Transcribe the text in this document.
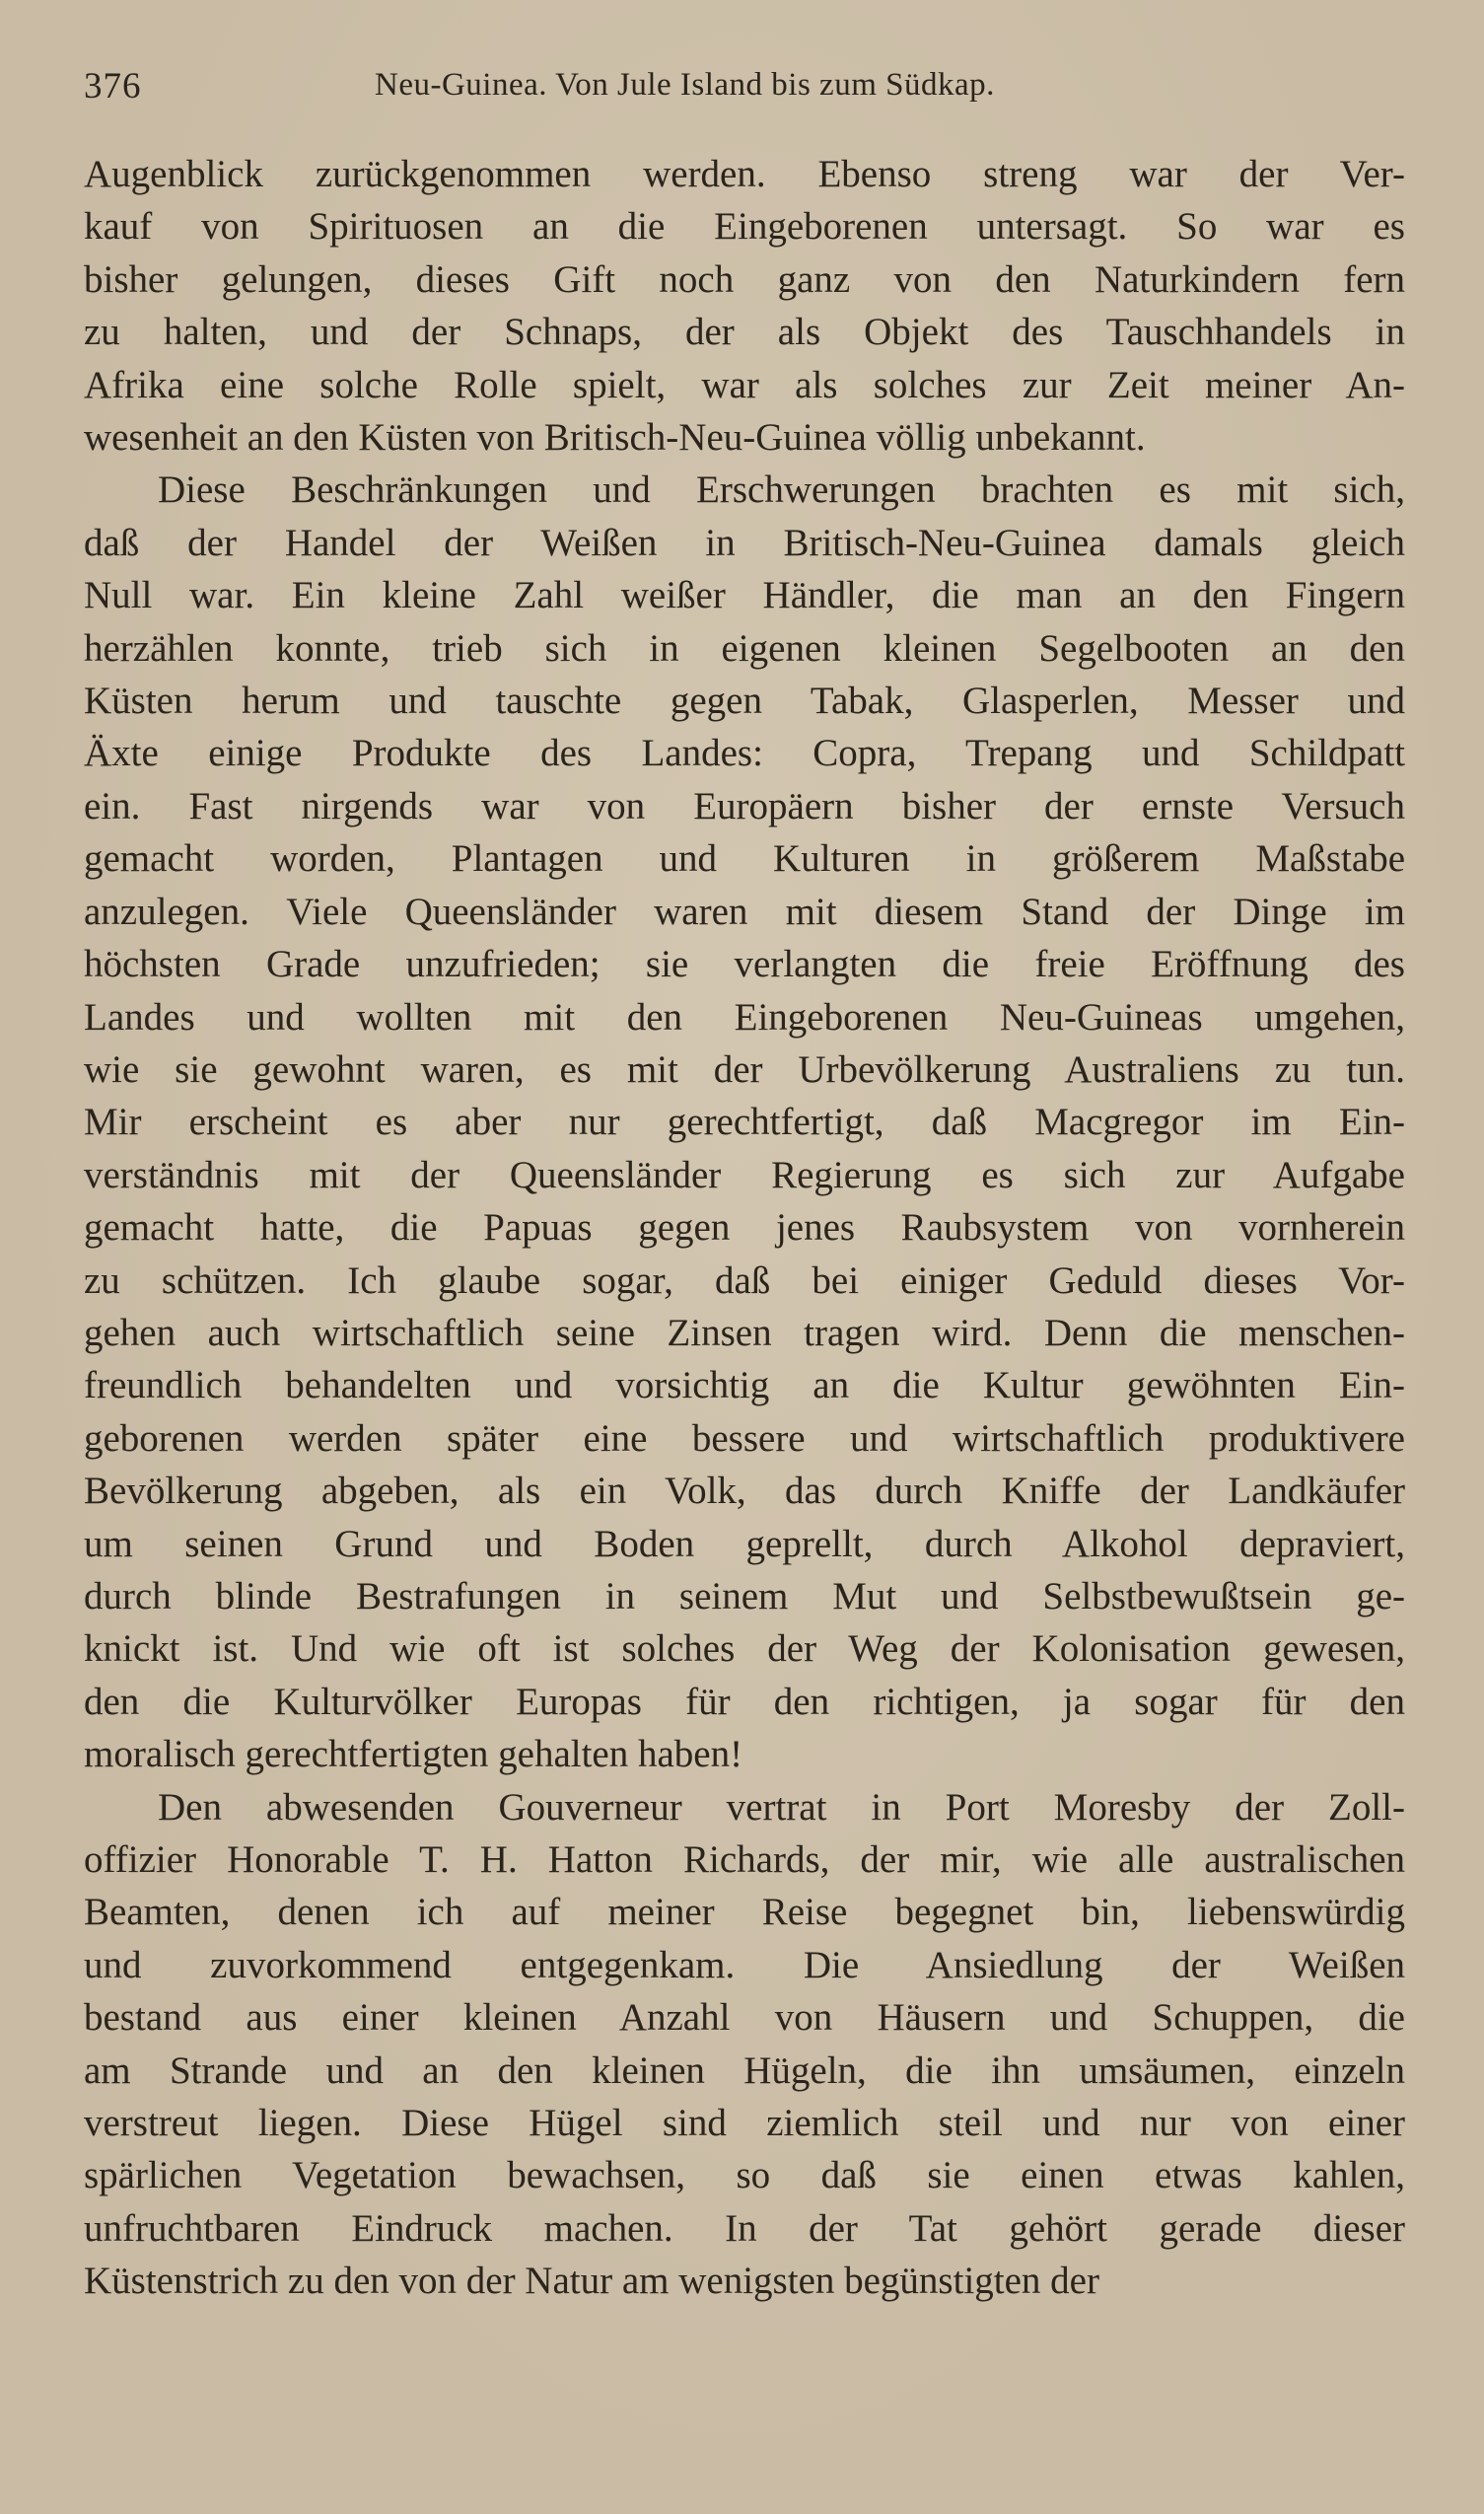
376	Neu-Guinea. Von Jule Island bis zum Südkap.

Augenblick zurückgenommen werden. Ebenso streng war der Ver-
kauf von Spirituosen an die Eingeborenen untersagt. So war es
bisher gelungen, dieses Gift noch ganz von den Naturkindern fern
zu halten, und der Schnaps, der als Objekt des Tauschhandels in
Afrika eine solche Rolle spielt, war als solches zur Zeit meiner An-
wesenheit an den Küsten von Britisch-Neu-Guinea völlig unbekannt.

Diese Beschränkungen und Erschwerungen brachten es mit sich,
daß der Handel der Weißen in Britisch-Neu-Guinea damals gleich
Null war. Ein kleine Zahl weißer Händler, die man an den Fingern
herzählen konnte, trieb sich in eigenen kleinen Segelbooten an den
Küsten herum und tauschte gegen Tabak, Glasperlen, Messer und
Äxte einige Produkte des Landes: Copra, Trepang und Schildpatt
ein. Fast nirgends war von Europäern bisher der ernste Versuch
gemacht worden, Plantagen und Kulturen in größerem Maßstabe
anzulegen. Viele Queensländer waren mit diesem Stand der Dinge im
höchsten Grade unzufrieden; sie verlangten die freie Eröffnung des
Landes und wollten mit den Eingeborenen Neu-Guineas umgehen,
wie sie gewohnt waren, es mit der Urbevölkerung Australiens zu tun.
Mir erscheint es aber nur gerechtfertigt, daß Macgregor im Ein-
verständnis mit der Queensländer Regierung es sich zur Aufgabe
gemacht hatte, die Papuas gegen jenes Raubsystem von vornherein
zu schützen. Ich glaube sogar, daß bei einiger Geduld dieses Vor-
gehen auch wirtschaftlich seine Zinsen tragen wird. Denn die menschen-
freundlich behandelten und vorsichtig an die Kultur gewöhnten Ein-
geborenen werden später eine bessere und wirtschaftlich produktivere
Bevölkerung abgeben, als ein Volk, das durch Kniffe der Landkäufer
um seinen Grund und Boden geprellt, durch Alkohol depraviert,
durch blinde Bestrafungen in seinem Mut und Selbstbewußtsein ge-
knickt ist. Und wie oft ist solches der Weg der Kolonisation gewesen,
den die Kulturvölker Europas für den richtigen, ja sogar für den
moralisch gerechtfertigten gehalten haben!

Den abwesenden Gouverneur vertrat in Port Moresby der Zoll-
offizier Honorable T. H. Hatton Richards, der mir, wie alle australischen
Beamten, denen ich auf meiner Reise begegnet bin, liebenswürdig
und zuvorkommend entgegenkam. Die Ansiedlung der Weißen
bestand aus einer kleinen Anzahl von Häusern und Schuppen, die
am Strande und an den kleinen Hügeln, die ihn umsäumen, einzeln
verstreut liegen. Diese Hügel sind ziemlich steil und nur von einer
spärlichen Vegetation bewachsen, so daß sie einen etwas kahlen,
unfruchtbaren Eindruck machen. In der Tat gehört gerade dieser
Küstenstrich zu den von der Natur am wenigsten begünstigten der
